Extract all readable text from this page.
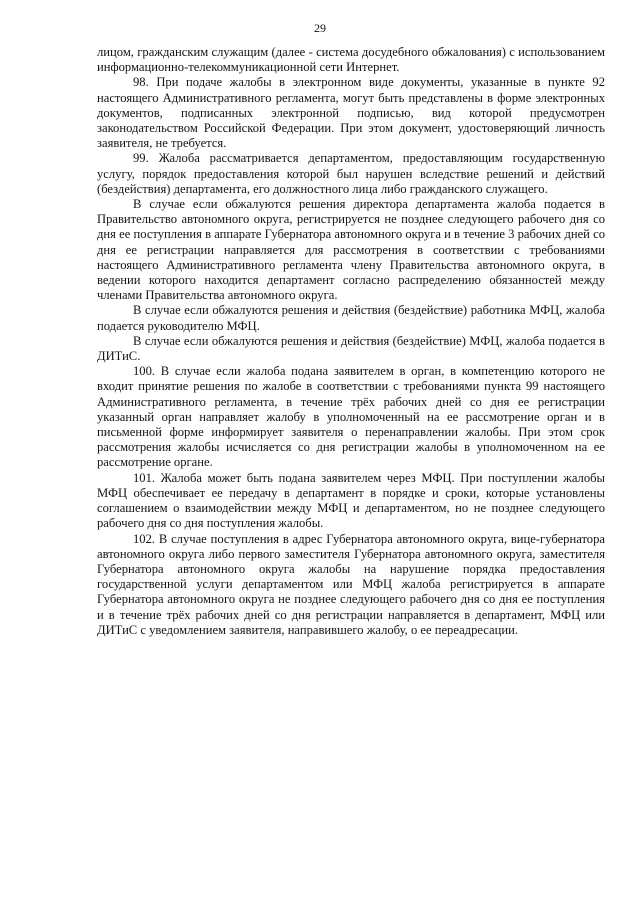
29

лицом, гражданским служащим (далее - система досудебного обжалования) с использованием информационно-телекоммуникационной сети Интернет.

98. При подаче жалобы в электронном виде документы, указанные в пункте 92 настоящего Административного регламента, могут быть представлены в форме электронных документов, подписанных электронной подписью, вид которой предусмотрен законодательством Российской Федерации. При этом документ, удостоверяющий личность заявителя, не требуется.

99. Жалоба рассматривается департаментом, предоставляющим государственную услугу, порядок предоставления которой был нарушен вследствие решений и действий (бездействия) департамента, его должностного лица либо гражданского служащего.

В случае если обжалуются решения директора департамента жалоба подается в Правительство автономного округа, регистрируется не позднее следующего рабочего дня со дня ее поступления в аппарате Губернатора автономного округа и в течение 3 рабочих дней со дня ее регистрации направляется для рассмотрения в соответствии с требованиями настоящего Административного регламента члену Правительства автономного округа, в ведении которого находится департамент согласно распределению обязанностей между членами Правительства автономного округа.

В случае если обжалуются решения и действия (бездействие) работника МФЦ, жалоба подается руководителю МФЦ.

В случае если обжалуются решения и действия (бездействие) МФЦ, жалоба подается в ДИТиС.

100. В случае если жалоба подана заявителем в орган, в компетенцию которого не входит принятие решения по жалобе в соответствии с требованиями пункта 99 настоящего Административного регламента, в течение трёх рабочих дней со дня ее регистрации указанный орган направляет жалобу в уполномоченный на ее рассмотрение орган и в письменной форме информирует заявителя о перенаправлении жалобы. При этом срок рассмотрения жалобы исчисляется со дня регистрации жалобы в уполномоченном на ее рассмотрение органе.

101. Жалоба может быть подана заявителем через МФЦ. При поступлении жалобы МФЦ обеспечивает ее передачу в департамент в порядке и сроки, которые установлены соглашением о взаимодействии между МФЦ и департаментом, но не позднее следующего рабочего дня со дня поступления жалобы.

102. В случае поступления в адрес Губернатора автономного округа, вице-губернатора автономного округа либо первого заместителя Губернатора автономного округа, заместителя Губернатора автономного округа жалобы на нарушение порядка предоставления государственной услуги департаментом или МФЦ жалоба регистрируется в аппарате Губернатора автономного округа не позднее следующего рабочего дня со дня ее поступления и в течение трёх рабочих дней со дня регистрации направляется в департамент, МФЦ или ДИТиС с уведомлением заявителя, направившего жалобу, о ее переадресации.
